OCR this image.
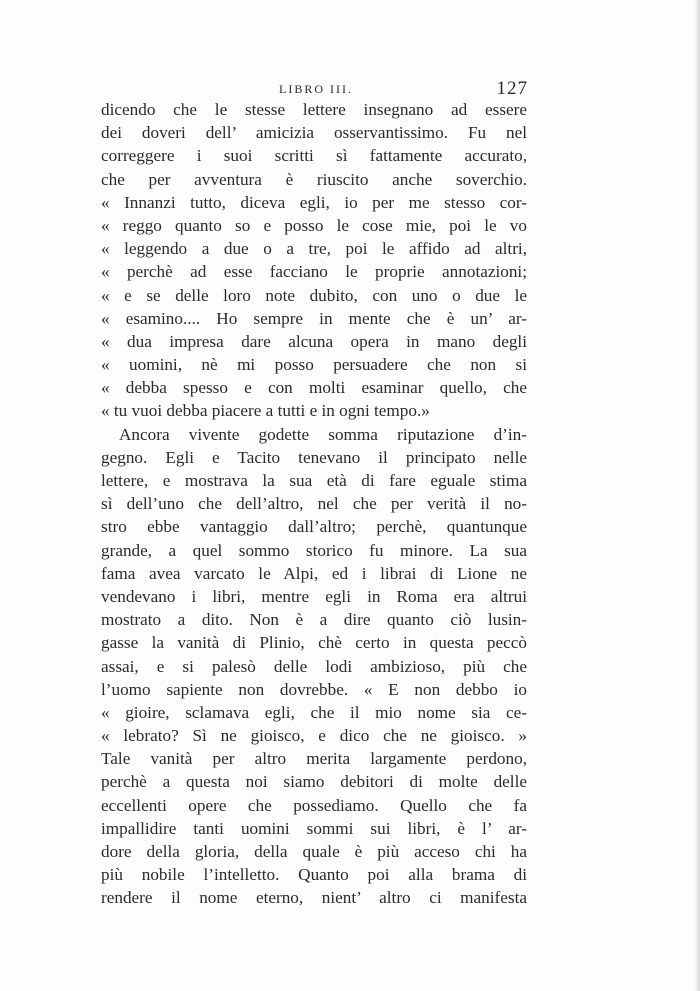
LIBRO III.	127
dicendo che le stesse lettere insegnano ad essere
dei doveri dell’ amicizia osservantissimo. Fu nel
correggere i suoi scritti sì fattamente accurato,
che per avventura è riuscito anche soverchio.
« Innanzi tutto, diceva egli, io per me stesso cor-
« reggo quanto so e posso le cose mie, poi le vo
« leggendo a due o a tre, poi le affido ad altri,
« perchè ad esse facciano le proprie annotazioni;
« e se delle loro note dubito, con uno o due le
« esamino.... Ho sempre in mente che è un’ ar-
« dua impresa dare alcuna opera in mano degli
« uomini, nè mi posso persuadere che non si
« debba spesso e con molti esaminar quello, che
« tu vuoi debba piacere a tutti e in ogni tempo.»
Ancora vivente godette somma riputazione d’in-
gegno. Egli e Tacito tenevano il principato nelle
lettere, e mostrava la sua età di fare eguale stima
sì dell’uno che dell’altro, nel che per verità il no-
stro ebbe vantaggio dall’altro; perchè, quantunque
grande, a quel sommo storico fu minore. La sua
fama avea varcato le Alpi, ed i librai di Lione ne
vendevano i libri, mentre egli in Roma era altrui
mostrato a dito. Non è a dire quanto ciò lusin-
gasse la vanità di Plinio, chè certo in questa peccò
assai, e si palesò delle lodi ambizioso, più che
l’uomo sapiente non dovrebbe. « E non debbo io
« gioire, sclamava egli, che il mio nome sia ce-
« lebrato? Sì ne gioisco, e dico che ne gioisco. »
Tale vanità per altro merita largamente perdono,
perchè a questa noi siamo debitori di molte delle
eccellenti opere che possediamo. Quello che fa
impallidire tanti uomini sommi sui libri, è l’ ar-
dore della gloria, della quale è più acceso chi ha
più nobile l’intelletto. Quanto poi alla brama di
rendere il nome eterno, nient’ altro ci manifesta
